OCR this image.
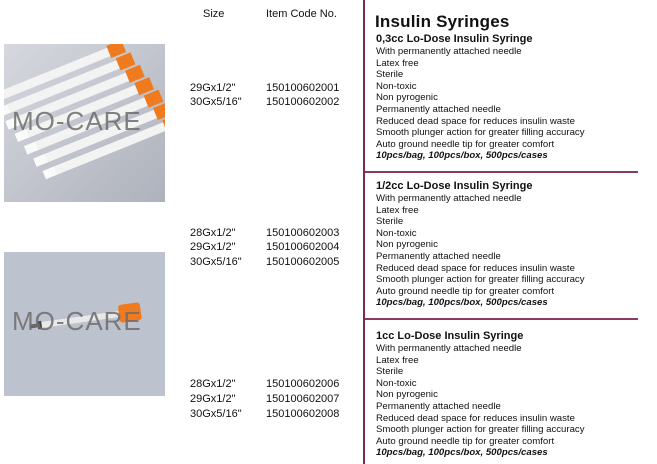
Size	Item Code No.
MO-CARE
MO-CARE
29Gx1/2"	150100602001
30Gx5/16" 150100602002
28Gx1/2"	150100602003
29Gx1/2"	150100602004
30Gx5/16" 150100602005
28Gx1/2"	150100602006
29Gx1/2"	150100602007
30Gx5/16" 150100602008
Insulin Syringes
0,3cc Lo-Dose Insulin Syringe
With permanently attached needle
Latex free
Sterile
Non-toxic
Non pyrogenic
Permanently attached needle
Reduced dead space for reduces insulin waste
Smooth plunger action for greater filling accuracy
Auto ground needle tip for greater comfort
10pcs/bag, 100pcs/box, 500pcs/cases
1/2cc Lo-Dose Insulin Syringe
With permanently attached needle
Latex free
Sterile
Non-toxic
Non pyrogenic
Permanently attached needle
Reduced dead space for reduces insulin waste
Smooth plunger action for greater filling accuracy
Auto ground needle tip for greater comfort
10pcs/bag, 100pcs/box, 500pcs/cases
1cc Lo-Dose Insulin Syringe
With permanently attached needle
Latex free
Sterile
Non-toxic
Non pyrogenic
Permanently attached needle
Reduced dead space for reduces insulin waste
Smooth plunger action for greater filling accuracy
Auto ground needle tip for greater comfort
10pcs/bag, 100pcs/box, 500pcs/cases
